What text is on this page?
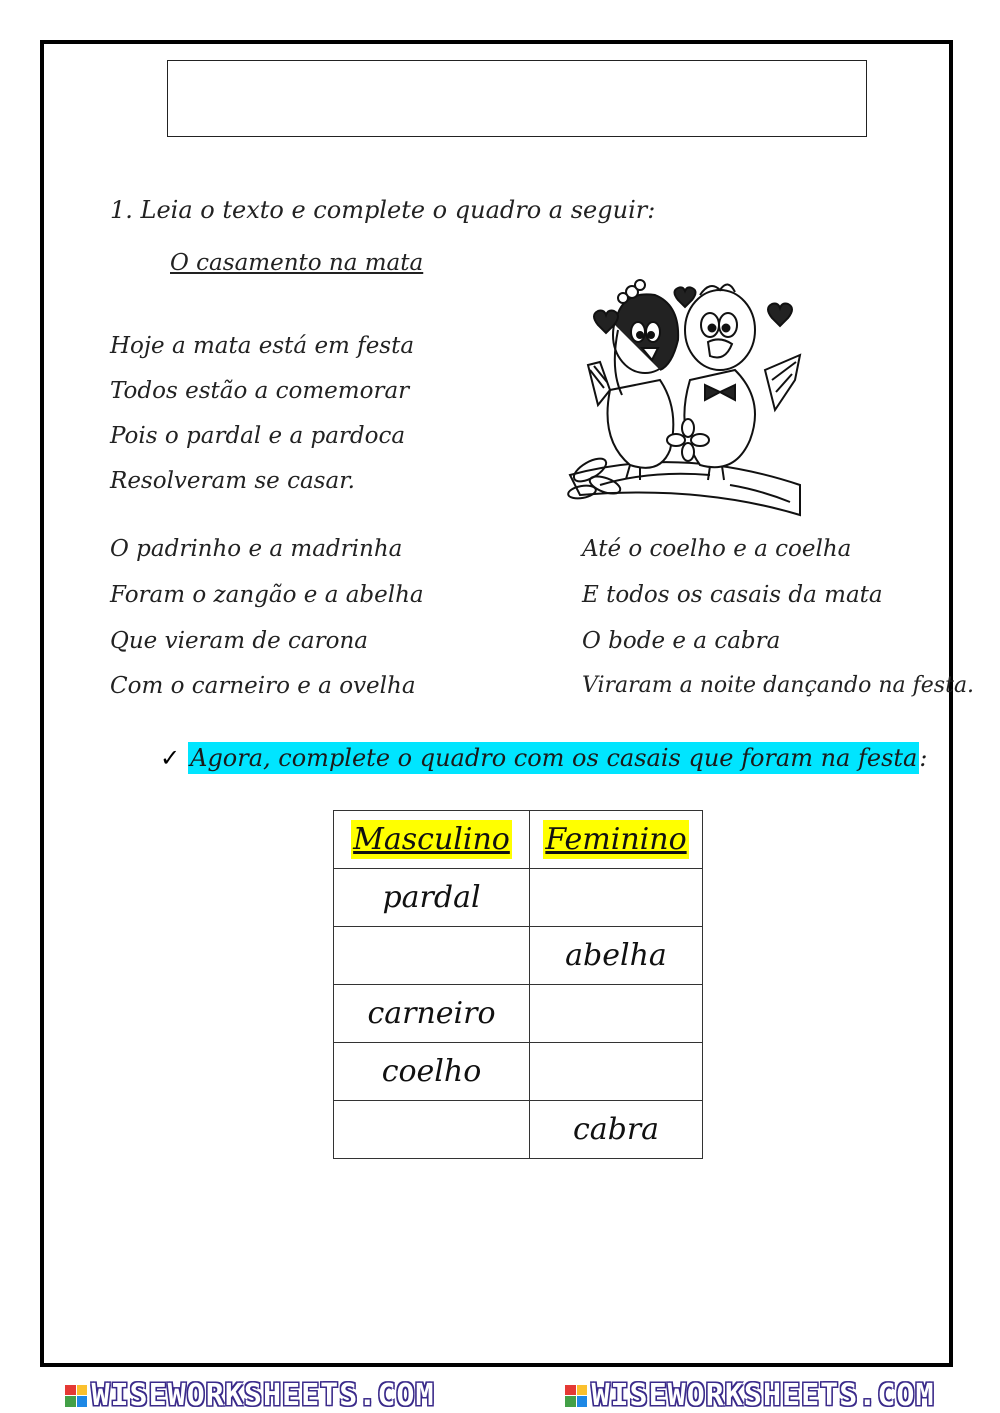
1. Leia o texto e complete o quadro a seguir:
O casamento na mata
Hoje a mata está em festa
Todos estão a comemorar
Pois o pardal e a pardoca
Resolveram se casar.
O padrinho e a madrinha
Foram o zangão e a abelha
Que vieram de carona
Com o carneiro e a ovelha
Até o coelho e a coelha
E todos os casais da mata
O bode e a cabra
Viraram a noite dançando na festa.
✓ Agora, complete o quadro com os casais que foram na festa :
Masculino	Feminino
pardal	
	abelha
carneiro	
coelho	
	cabra
WISEWORKSHEETS.COM	WISEWORKSHEETS.COM
